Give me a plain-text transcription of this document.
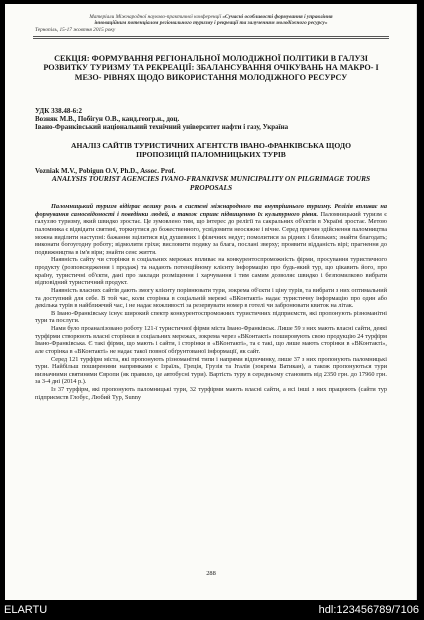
Матеріали Міжнародної науково-практичної конференції «Сучасні особливості формування і управління
інноваційним потенціалом регіонального туризму і рекреації та залученням молодіжного ресурсу»
Тернопіль, 15-17 жовтня 2015 року
СЕКЦІЯ: ФОРМУВАННЯ РЕГІОНАЛЬНОЇ МОЛОДІЖНОЇ ПОЛІТИКИ В ГАЛУЗІ РОЗВИТКУ ТУРИЗМУ ТА РЕКРЕАЦІЇ: ЗБАЛАНСУВАННЯ ОЧІКУВАНЬ НА МАКРО- І МЕЗО- РІВНЯХ ЩОДО ВИКОРИСТАННЯ МОЛОДІЖНОГО РЕСУРСУ
УДК 338.48-6:2
Возняк М.В., Побігун О.В., канд.геогр.н., доц.
Івано-Франківський національний технічний університет нафти і газу, Україна
АНАЛІЗ САЙТІВ ТУРИСТИЧНИХ АГЕНТСТВ ІВАНО-ФРАНКІВСЬКА ЩОДО ПРОПОЗИЦІЙ ПАЛОМНИЦЬКИХ ТУРІВ
Vozniak M.V., Pobigun O.V, Ph.D., Assoc. Prof.
ANALYSIS TOURIST AGENCIES IVANO-FRANKIVSK MUNICIPALITY ON PILGRIMAGE TOURS PROPOSALS

Паломницький туризм відіграє велику роль в системі міжнародного та внутрішнього туризму. Релігія впливає на формування самосвідомості і поведінки людей, а також сприяє підвищенню їх культурного рівня. Паломницький туризм є галуззю туризму, який швидко зростає. Це зумовлено тим, що інтерес до релігії та сакральних об'єктів в Україні зростає. Метою паломника є відвідати святині, торкнутися до божественного, усвідомити неосяжне і вічне. Серед причин здійснення паломництва можна виділити наступні: бажання зцілитися від душевних і фізичних недуг; помолитися за рідних і близьких; знайти благодать; виконати богоугодну роботу; відмолити гріхи; висловити подяку за блага, послані зверху; проявити відданість вірі; прагнення до подвижництва в ім'я віри; знайти сенс життя.

Наявність сайту чи сторінки в соціальних мережах впливає на конкурентоспроможність фірми, просування туристичного продукту (розповсюдження і продаж) та надають потенційному клієнту інформацію про будь-який тур, що цікавить його, про країну, туристичні об'єкти, дані про заклади розміщення і харчування і тим самим дозволяє швидко і безпомилково вибрати відповідний туристичний продукт.

Наявність власних сайтів дають змогу клієнту порівнювати тури, зокрема об'єкти і ціну турів, та вибрати з них оптимальний та доступний для себе. В той час, коли сторінка в соціальній мережі «ВКонтакті» надає туристичну інформацію про один або декілька турів в найближчий час, і не надає можливості за резервувати номер в готелі чи забронювати квиток на літак.

В Івано-Франківську існує широкий спектр конкурентоспроможних туристичних підприємств, які пропонують різноманітні тури та послуги.

Нами було проаналізовано роботу 121-ї туристичної фірми міста Івано-Франківськ. Лише 59 з них мають власні сайти, деякі турфірми створюють власні сторінки в соціальних мережах, зокрема через «ВКонтакті» пошировують свою продукцію 24 турфірм Івано-Франківська. Є такі фірми, що мають і сайти, і сторінки в «ВКонтакті», та є такі, що лише мають сторінки в «ВКонтакті», але сторінка в «ВКонтакті» не надає такої повної обґрунтованої інформації, як сайт.

Серед 121 турфірм міста, які пропонують різноманітні типи і напрями відпочинку, лише 37 з них пропонують паломницькі тури. Найбільш поширеними напрямками є Ізраїль, Греція, Грузія та Італія (зокрема Ватикан), а також пропонуються тури визначними святинями Європи (як правило, це автобусні тури). Вартість туру в середньому становить від 2350 грн. до 17960 грн. за 3-4 дні (2014 р.).

Із 37 турфірм, які пропонують паломницькі тури, 32 турфірми мають власні сайти, а всі інші з них працюють (сайти тур підприємств Глобус, Любий Тур, Sunny

288
ELARTU	hdl:123456789/7106
